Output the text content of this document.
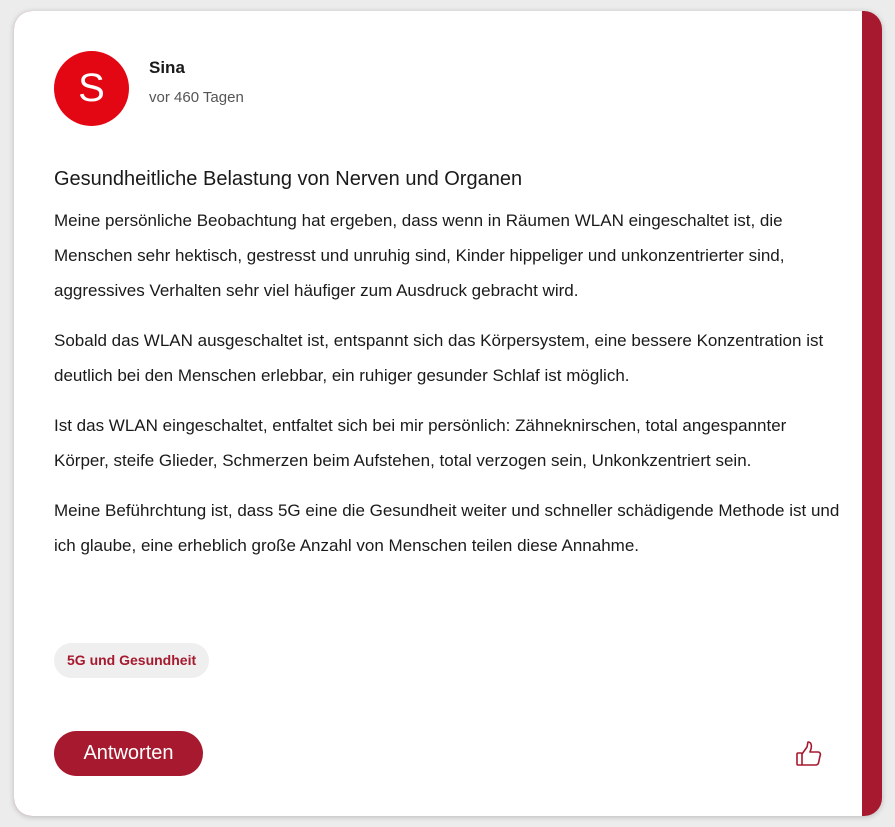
S	Sina
vor 460 Tagen
Gesundheitliche Belastung von Nerven und Organen

Meine persönliche Beobachtung hat ergeben, dass wenn in Räumen WLAN eingeschaltet ist, die Menschen sehr hektisch, gestresst und unruhig sind, Kinder hippeliger und unkonzentrierter sind, aggressives Verhalten sehr viel häufiger zum Ausdruck gebracht wird.

Sobald das WLAN ausgeschaltet ist, entspannt sich das Körpersystem, eine bessere Konzentration ist deutlich bei den Menschen erlebbar, ein ruhiger gesunder Schlaf ist möglich.

Ist das WLAN eingeschaltet, entfaltet sich bei mir persönlich: Zähneknirschen, total angespannter Körper, steife Glieder, Schmerzen beim Aufstehen, total verzogen sein, Unkonkzentriert sein.

Meine Beführchtung ist, dass 5G eine die Gesundheit weiter und schneller schädigende Methode ist und ich glaube, eine erheblich große Anzahl von Menschen teilen diese Annahme.

5G und Gesundheit
Antworten
